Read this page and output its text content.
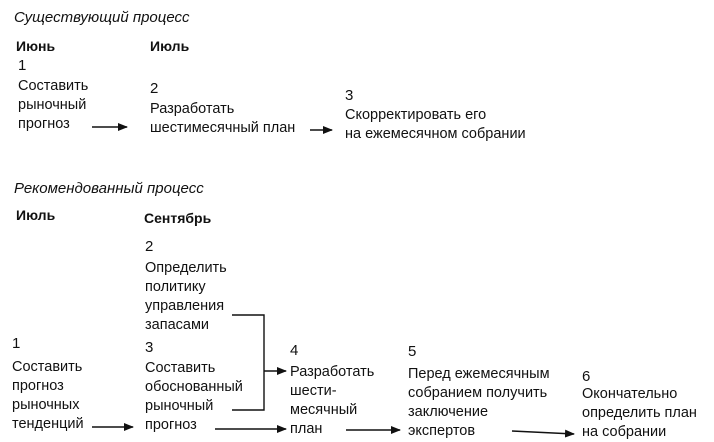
Существующий процесс
Июнь	Июль
1
Составить
рыночный
прогноз
2
Разработать
шестимесячный план
3
Скорректировать его
на ежемесячном собрании
Рекомендованный процесс
Июль	Сентябрь
1
Составить
прогноз
рыночных
тенденций
2
Определить
политику
управления
запасами
3
Составить
обоснованный
рыночный
прогноз
4
Разработать
шести-
месячный
план
5
Перед ежемесячным
собранием получить
заключение
экспертов
6
Окончательно
определить план
на собрании
